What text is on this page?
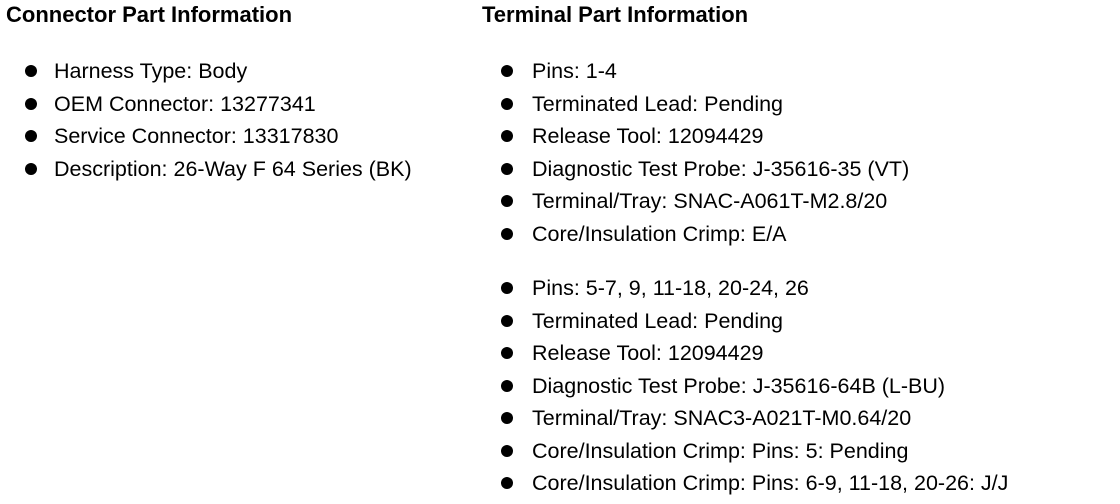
Connector Part Information
Harness Type: Body
OEM Connector: 13277341
Service Connector: 13317830
Description: 26-Way F 64 Series (BK)
Terminal Part Information
Pins: 1-4
Terminated Lead: Pending
Release Tool: 12094429
Diagnostic Test Probe: J-35616-35 (VT)
Terminal/Tray: SNAC-A061T-M2.8/20
Core/Insulation Crimp: E/A
Pins: 5-7, 9, 11-18, 20-24, 26
Terminated Lead: Pending
Release Tool: 12094429
Diagnostic Test Probe: J-35616-64B (L-BU)
Terminal/Tray: SNAC3-A021T-M0.64/20
Core/Insulation Crimp: Pins: 5: Pending
Core/Insulation Crimp: Pins: 6-9, 11-18, 20-26: J/J
